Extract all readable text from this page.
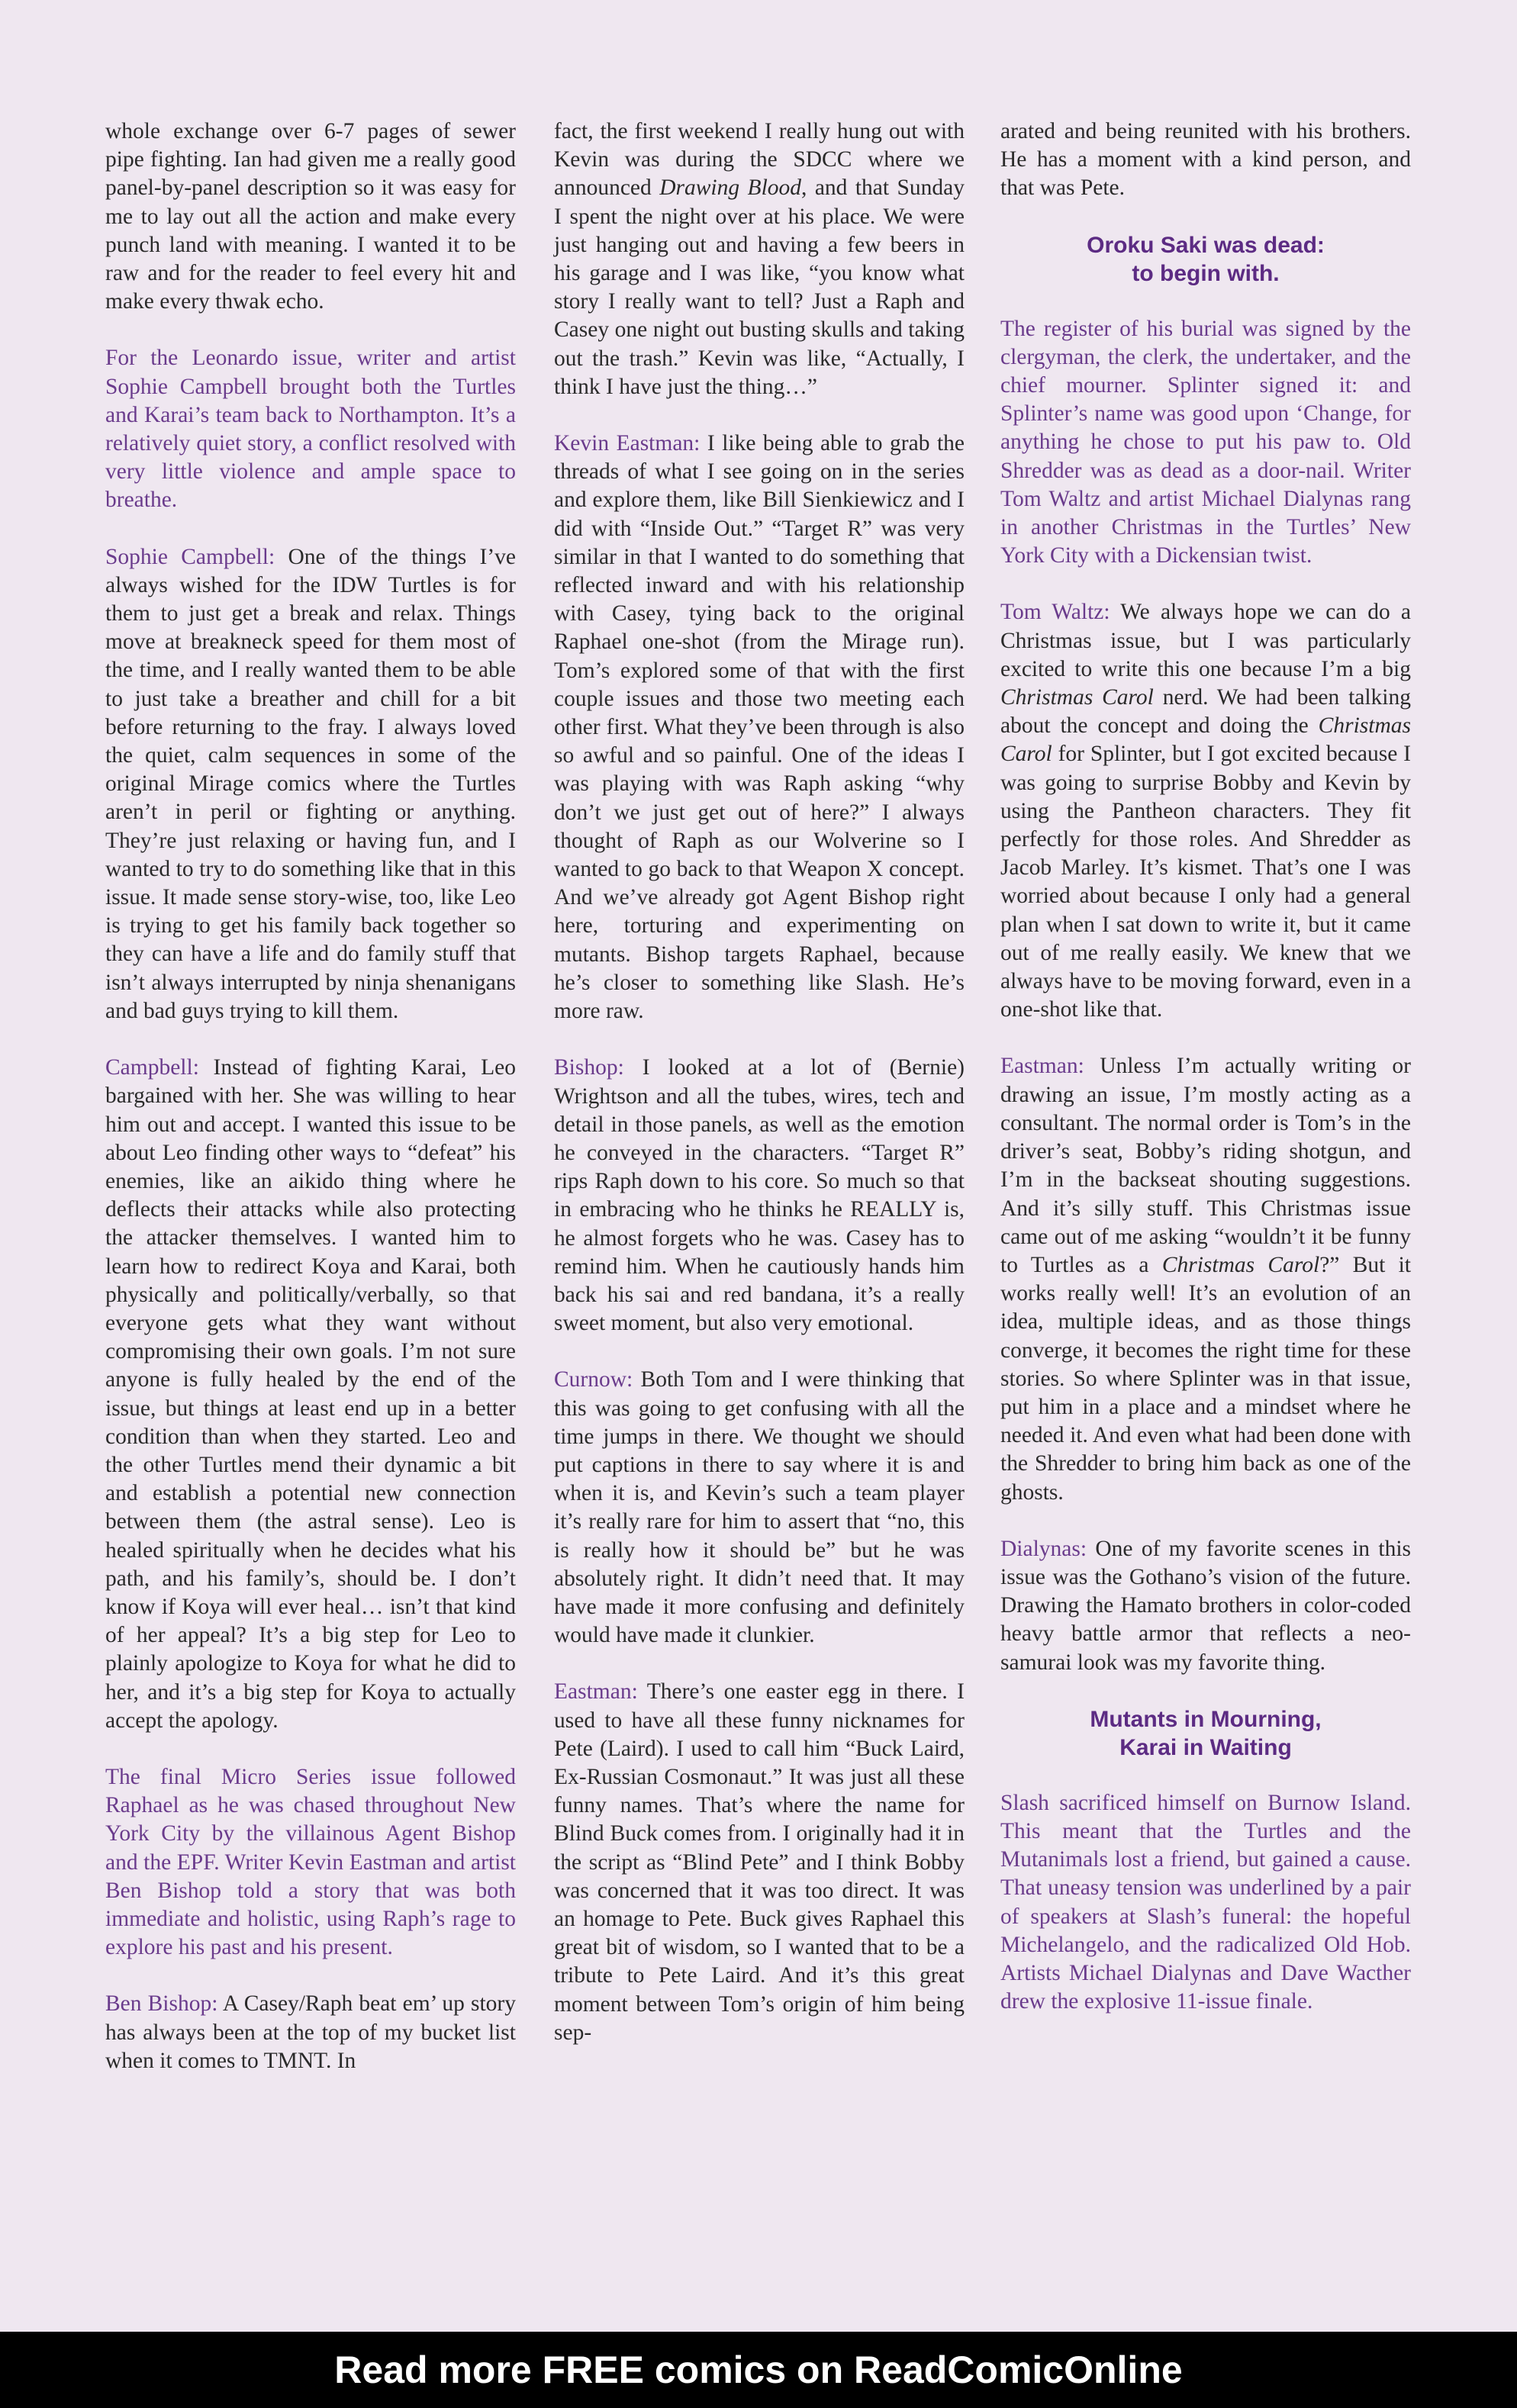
whole exchange over 6-7 pages of sewer pipe fighting. Ian had given me a really good panel-by-panel description so it was easy for me to lay out all the action and make every punch land with meaning. I wanted it to be raw and for the reader to feel every hit and make every thwak echo.

For the Leonardo issue, writer and artist Sophie Campbell brought both the Turtles and Karai’s team back to Northampton. It’s a relatively quiet story, a conflict resolved with very little violence and ample space to breathe.

Sophie Campbell: One of the things I’ve always wished for the IDW Turtles is for them to just get a break and relax. Things move at breakneck speed for them most of the time, and I really wanted them to be able to just take a breather and chill for a bit before returning to the fray. I always loved the quiet, calm sequences in some of the original Mirage comics where the Turtles aren’t in peril or fighting or anything. They’re just relaxing or having fun, and I wanted to try to do something like that in this issue. It made sense story-wise, too, like Leo is trying to get his family back together so they can have a life and do family stuff that isn’t always interrupted by ninja shenanigans and bad guys trying to kill them.

Campbell: Instead of fighting Karai, Leo bargained with her. She was willing to hear him out and accept. I wanted this issue to be about Leo finding other ways to “defeat” his enemies, like an aikido thing where he deflects their attacks while also protecting the attacker themselves. I wanted him to learn how to redirect Koya and Karai, both physically and politically/verbally, so that everyone gets what they want without compromising their own goals. I’m not sure anyone is fully healed by the end of the issue, but things at least end up in a better condition than when they started. Leo and the other Turtles mend their dynamic a bit and establish a potential new connection between them (the astral sense). Leo is healed spiritually when he decides what his path, and his family’s, should be. I don’t know if Koya will ever heal… isn’t that kind of her appeal? It’s a big step for Leo to plainly apologize to Koya for what he did to her, and it’s a big step for Koya to actually accept the apology.

The final Micro Series issue followed Raphael as he was chased throughout New York City by the villainous Agent Bishop and the EPF. Writer Kevin Eastman and artist Ben Bishop told a story that was both immediate and holistic, using Raph’s rage to explore his past and his present.

Ben Bishop: A Casey/Raph beat em’ up story has always been at the top of my bucket list when it comes to TMNT. In

fact, the first weekend I really hung out with Kevin was during the SDCC where we announced Drawing Blood, and that Sunday I spent the night over at his place. We were just hanging out and having a few beers in his garage and I was like, “you know what story I really want to tell? Just a Raph and Casey one night out busting skulls and taking out the trash.” Kevin was like, “Actually, I think I have just the thing…”

Kevin Eastman: I like being able to grab the threads of what I see going on in the series and explore them, like Bill Sienkiewicz and I did with “Inside Out.” “Target R” was very similar in that I wanted to do something that reflected inward and with his relationship with Casey, tying back to the original Raphael one-shot (from the Mirage run). Tom’s explored some of that with the first couple issues and those two meeting each other first. What they’ve been through is also so awful and so painful. One of the ideas I was playing with was Raph asking “why don’t we just get out of here?” I always thought of Raph as our Wolverine so I wanted to go back to that Weapon X concept. And we’ve already got Agent Bishop right here, torturing and experimenting on mutants. Bishop targets Raphael, because he’s closer to something like Slash. He’s more raw.

Bishop: I looked at a lot of (Bernie) Wrightson and all the tubes, wires, tech and detail in those panels, as well as the emotion he conveyed in the characters. “Target R” rips Raph down to his core. So much so that in embracing who he thinks he REALLY is, he almost forgets who he was. Casey has to remind him. When he cautiously hands him back his sai and red bandana, it’s a really sweet moment, but also very emotional.

Curnow: Both Tom and I were thinking that this was going to get confusing with all the time jumps in there. We thought we should put captions in there to say where it is and when it is, and Kevin’s such a team player it’s really rare for him to assert that “no, this is really how it should be” but he was absolutely right. It didn’t need that. It may have made it more confusing and definitely would have made it clunkier.

Eastman: There’s one easter egg in there. I used to have all these funny nicknames for Pete (Laird). I used to call him “Buck Laird, Ex-Russian Cosmonaut.” It was just all these funny names. That’s where the name for Blind Buck comes from. I originally had it in the script as “Blind Pete” and I think Bobby was concerned that it was too direct. It was an homage to Pete. Buck gives Raphael this great bit of wisdom, so I wanted that to be a tribute to Pete Laird. And it’s this great moment between Tom’s origin of him being sep-

arated and being reunited with his brothers. He has a moment with a kind person, and that was Pete.

Oroku Saki was dead:
to begin with.

The register of his burial was signed by the clergyman, the clerk, the undertaker, and the chief mourner. Splinter signed it: and Splinter’s name was good upon ‘Change, for anything he chose to put his paw to. Old Shredder was as dead as a door-nail. Writer Tom Waltz and artist Michael Dialynas rang in another Christmas in the Turtles’ New York City with a Dickensian twist.

Tom Waltz: We always hope we can do a Christmas issue, but I was particularly excited to write this one because I’m a big Christmas Carol nerd. We had been talking about the concept and doing the Christmas Carol for Splinter, but I got excited because I was going to surprise Bobby and Kevin by using the Pantheon characters. They fit perfectly for those roles. And Shredder as Jacob Marley. It’s kismet. That’s one I was worried about because I only had a general plan when I sat down to write it, but it came out of me really easily. We knew that we always have to be moving forward, even in a one-shot like that.

Eastman: Unless I’m actually writing or drawing an issue, I’m mostly acting as a consultant. The normal order is Tom’s in the driver’s seat, Bobby’s riding shotgun, and I’m in the backseat shouting suggestions. And it’s silly stuff. This Christmas issue came out of me asking “wouldn’t it be funny to Turtles as a Christmas Carol?” But it works really well! It’s an evolution of an idea, multiple ideas, and as those things converge, it becomes the right time for these stories. So where Splinter was in that issue, put him in a place and a mindset where he needed it. And even what had been done with the Shredder to bring him back as one of the ghosts.

Dialynas: One of my favorite scenes in this issue was the Gothano’s vision of the future. Drawing the Hamato brothers in color-coded heavy battle armor that reflects a neo-samurai look was my favorite thing.

Mutants in Mourning,
Karai in Waiting

Slash sacrificed himself on Burnow Island. This meant that the Turtles and the Mutanimals lost a friend, but gained a cause. That uneasy tension was underlined by a pair of speakers at Slash’s funeral: the hopeful Michelangelo, and the radicalized Old Hob. Artists Michael Dialynas and Dave Wacther drew the explosive 11-issue finale.

Read more FREE comics on ReadComicOnline
